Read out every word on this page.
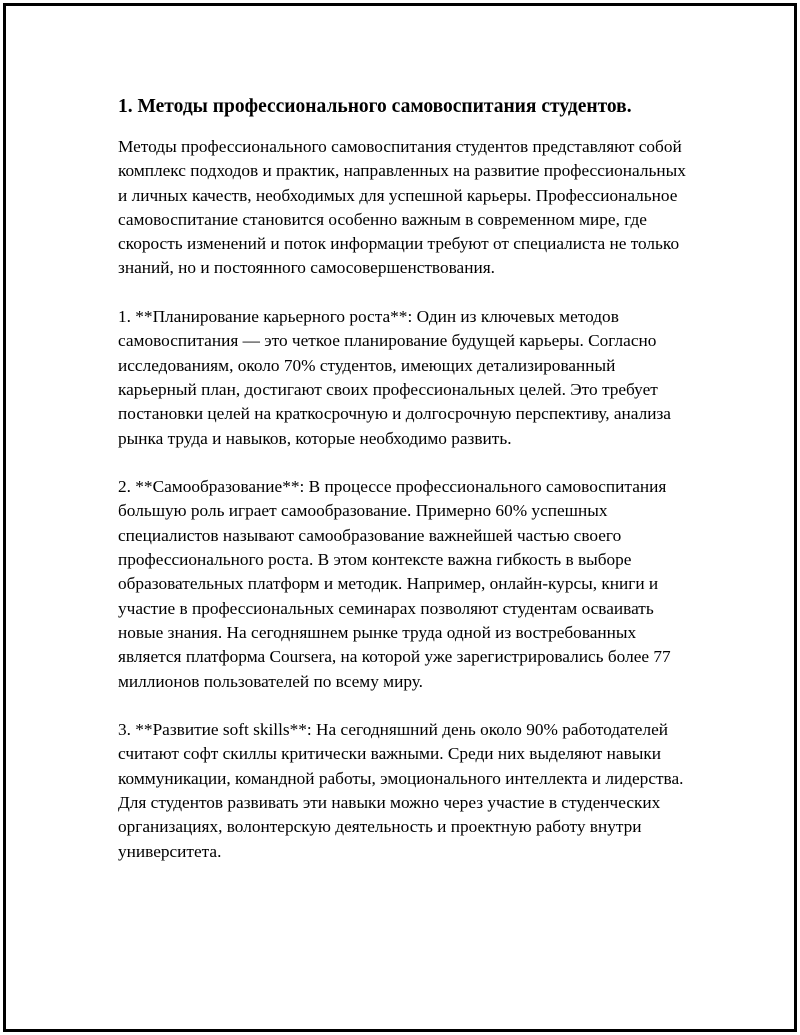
1. Методы профессионального самовоспитания студентов.
Методы профессионального самовоспитания студентов представляют собой комплекс подходов и практик, направленных на развитие профессиональных и личных качеств, необходимых для успешной карьеры. Профессиональное самовоспитание становится особенно важным в современном мире, где скорость изменений и поток информации требуют от специалиста не только знаний, но и постоянного самосовершенствования.
1. **Планирование карьерного роста**: Один из ключевых методов самовоспитания — это четкое планирование будущей карьеры. Согласно исследованиям, около 70% студентов, имеющих детализированный карьерный план, достигают своих профессиональных целей. Это требует постановки целей на краткосрочную и долгосрочную перспективу, анализа рынка труда и навыков, которые необходимо развить.
2. **Самообразование**: В процессе профессионального самовоспитания большую роль играет самообразование. Примерно 60% успешных специалистов называют самообразование важнейшей частью своего профессионального роста. В этом контексте важна гибкость в выборе образовательных платформ и методик. Например, онлайн-курсы, книги и участие в профессиональных семинарах позволяют студентам осваивать новые знания. На сегодняшнем рынке труда одной из востребованных является платформа Coursera, на которой уже зарегистрировались более 77 миллионов пользователей по всему миру.
3. **Развитие soft skills**: На сегодняшний день около 90% работодателей считают софт скиллы критически важными. Среди них выделяют навыки коммуникации, командной работы, эмоционального интеллекта и лидерства. Для студентов развивать эти навыки можно через участие в студенческих организациях, волонтерскую деятельность и проектную работу внутри университета.
